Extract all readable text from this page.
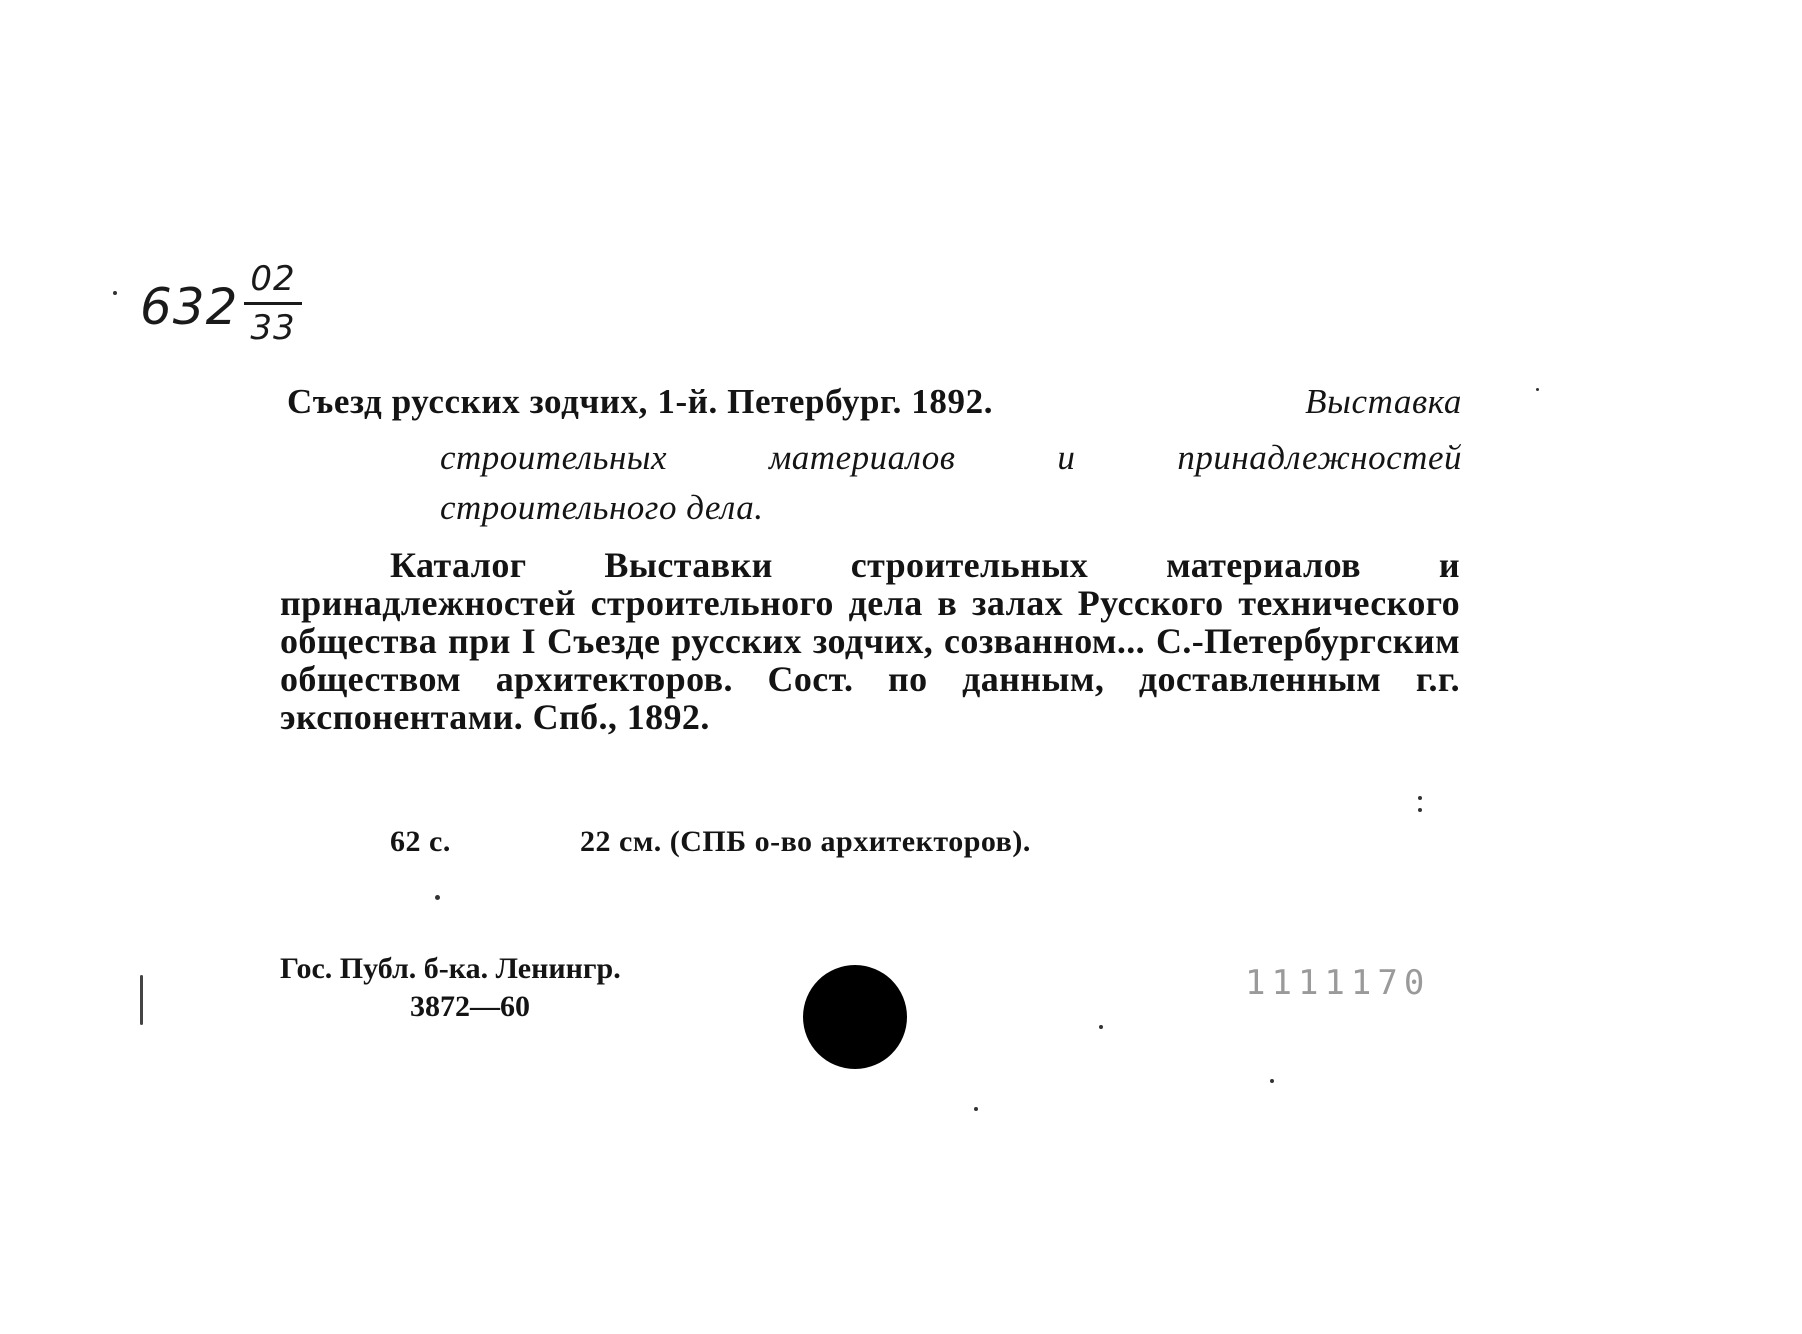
$632 \frac{02}{33}$
Съезд русских зодчих, 1-й. Петербург. 1892.	Выставка
строительных	материалов	и	принадлежностей
строительного дела.

Каталог Выставки строительных материалов и принадлежностей строительного дела в залах Русского технического общества при I Съезде русских зодчих, созванном... С.-Петербургским обществом архитекторов. Сост. по данным, доставленным г.г. экспонентами. Спб., 1892.

62 с.	22 см. (СПБ о-во архитекторов).
Гос. Публ. б-ка. Ленингр.
3872—60
1111170
